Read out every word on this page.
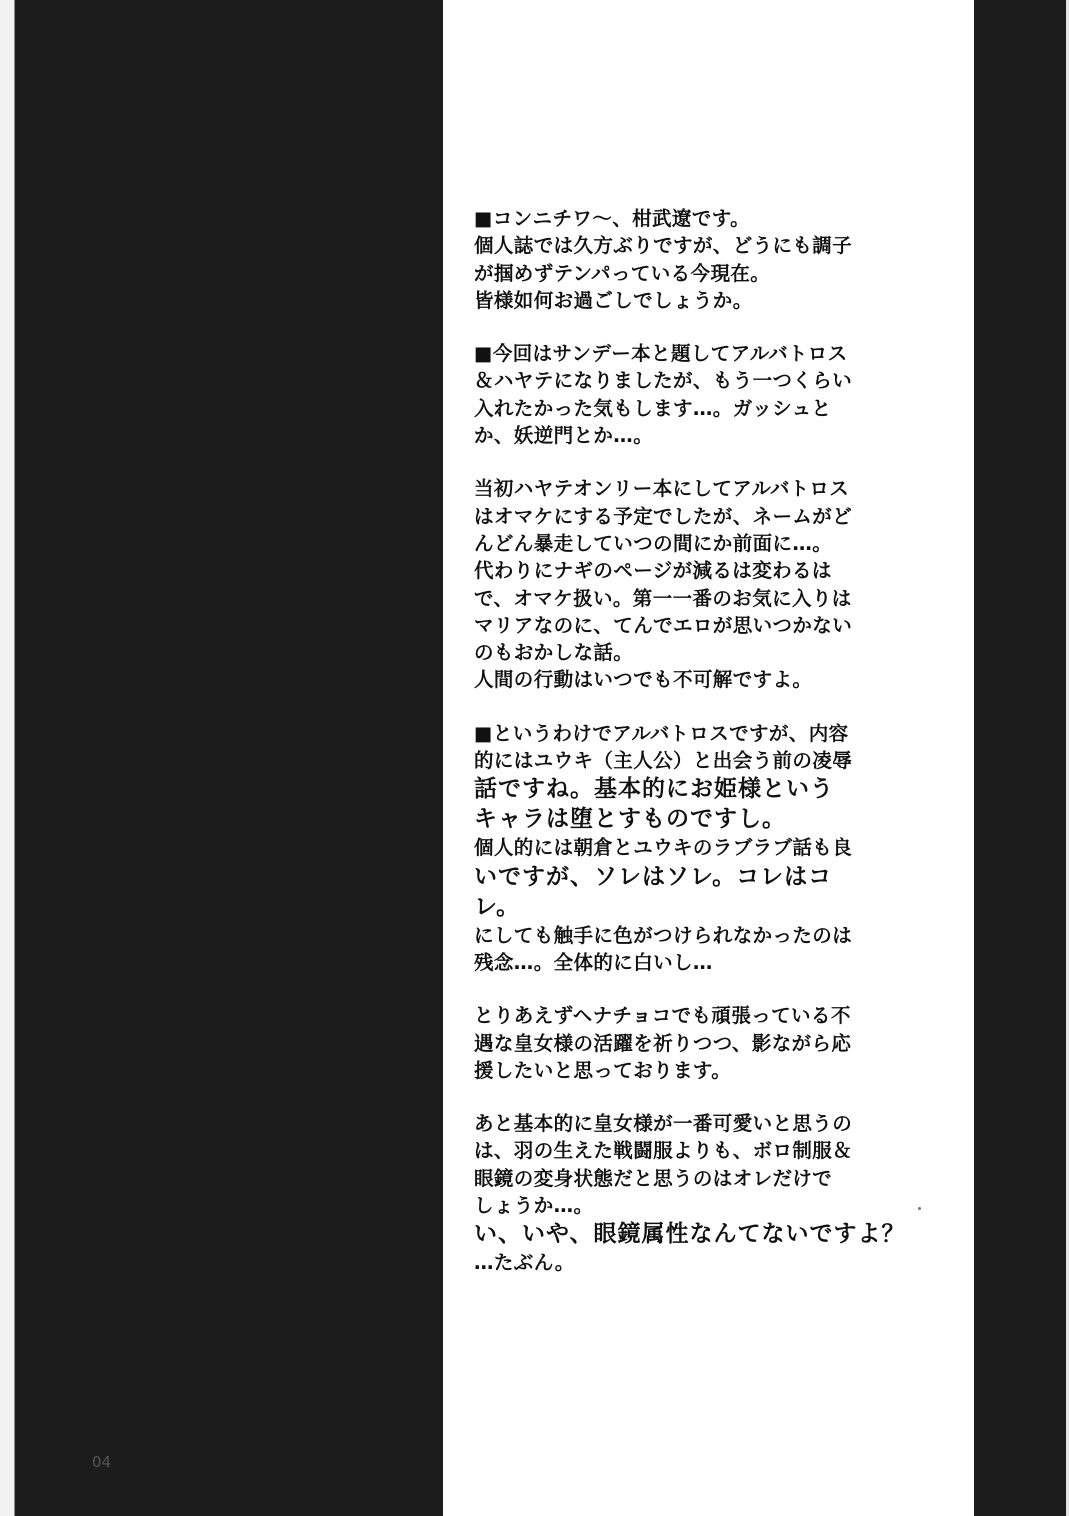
■コンニチワ～、柑武遼です。
個人誌では久方ぶりですが、どうにも調子
が掴めずテンパっている今現在。
皆様如何お過ごしでしょうか。
■今回はサンデー本と題してアルバトロス
＆ハヤテになりましたが、もう一つくらい
入れたかった気もします…。ガッシュと
か、妖逆門とか…。
当初ハヤテオンリー本にしてアルバトロス
はオマケにする予定でしたが、ネームがど
んどん暴走していつの間にか前面に…。
代わりにナギのページが減るは変わるは
で、オマケ扱い。第一一番のお気に入りは
マリアなのに、てんでエロが思いつかない
のもおかしな話。
人間の行動はいつでも不可解ですよ。
■というわけでアルバトロスですが、内容
的にはユウキ（主人公）と出会う前の凌辱
話ですね。基本的にお姫様という
キャラは堕とすものですし。
個人的には朝倉とユウキのラブラブ話も良
いですが、ソレはソレ。コレはコ
レ。
にしても触手に色がつけられなかったのは
残念…。全体的に白いし…
とりあえずヘナチョコでも頑張っている不
遇な皇女様の活躍を祈りつつ、影ながら応
援したいと思っております。
あと基本的に皇女様が一番可愛いと思うの
は、羽の生えた戦闘服よりも、ボロ制服＆
眼鏡の変身状態だと思うのはオレだけで
しょうか…。
い、いや、眼鏡属性なんてないですよ？
…たぶん。
04
